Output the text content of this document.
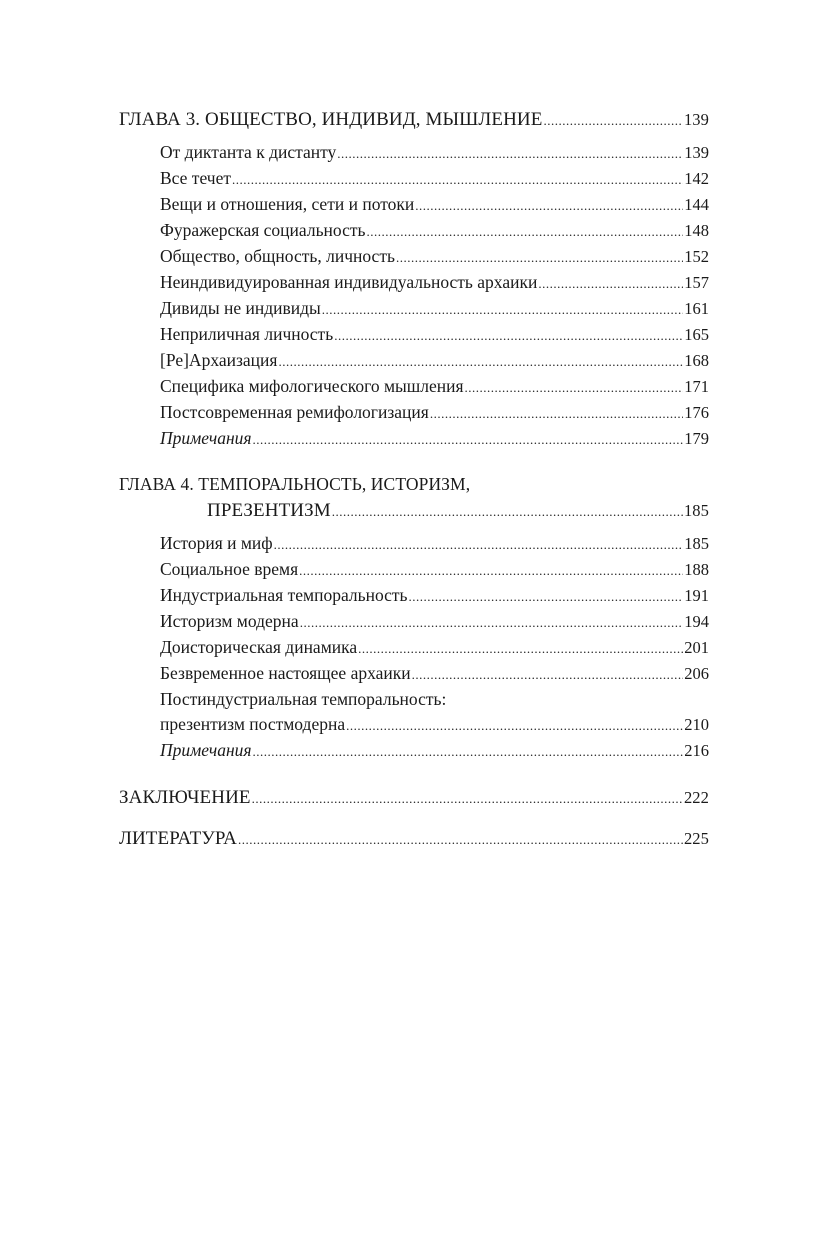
ГЛАВА 3. ОБЩЕСТВО, ИНДИВИД, МЫШЛЕНИЕ .....	139
От диктанта к дистанту .....	139
Все течет .....	142
Вещи и отношения, сети и потоки .....	144
Фуражерская социальность .....	148
Общество, общность, личность .....	152
Неиндивидуированная индивидуальность архаики .....	157
Дивиды не индивиды .....	161
Неприличная личность .....	165
[Ре]Архаизация .....	168
Специфика мифологического мышления .....	171
Постсовременная ремифологизация .....	176
Примечания .....	179
ГЛАВА 4. ТЕМПОРАЛЬНОСТЬ, ИСТОРИЗМ,
ПРЕЗЕНТИЗМ .....	185
История и миф .....	185
Социальное время .....	188
Индустриальная темпоральность .....	191
Историзм модерна .....	194
Доисторическая динамика .....	201
Безвременное настоящее архаики .....	206
Постиндустриальная темпоральность:
презентизм постмодерна .....	210
Примечания .....	216
ЗАКЛЮЧЕНИЕ .....	222
ЛИТЕРАТУРА .....	225
